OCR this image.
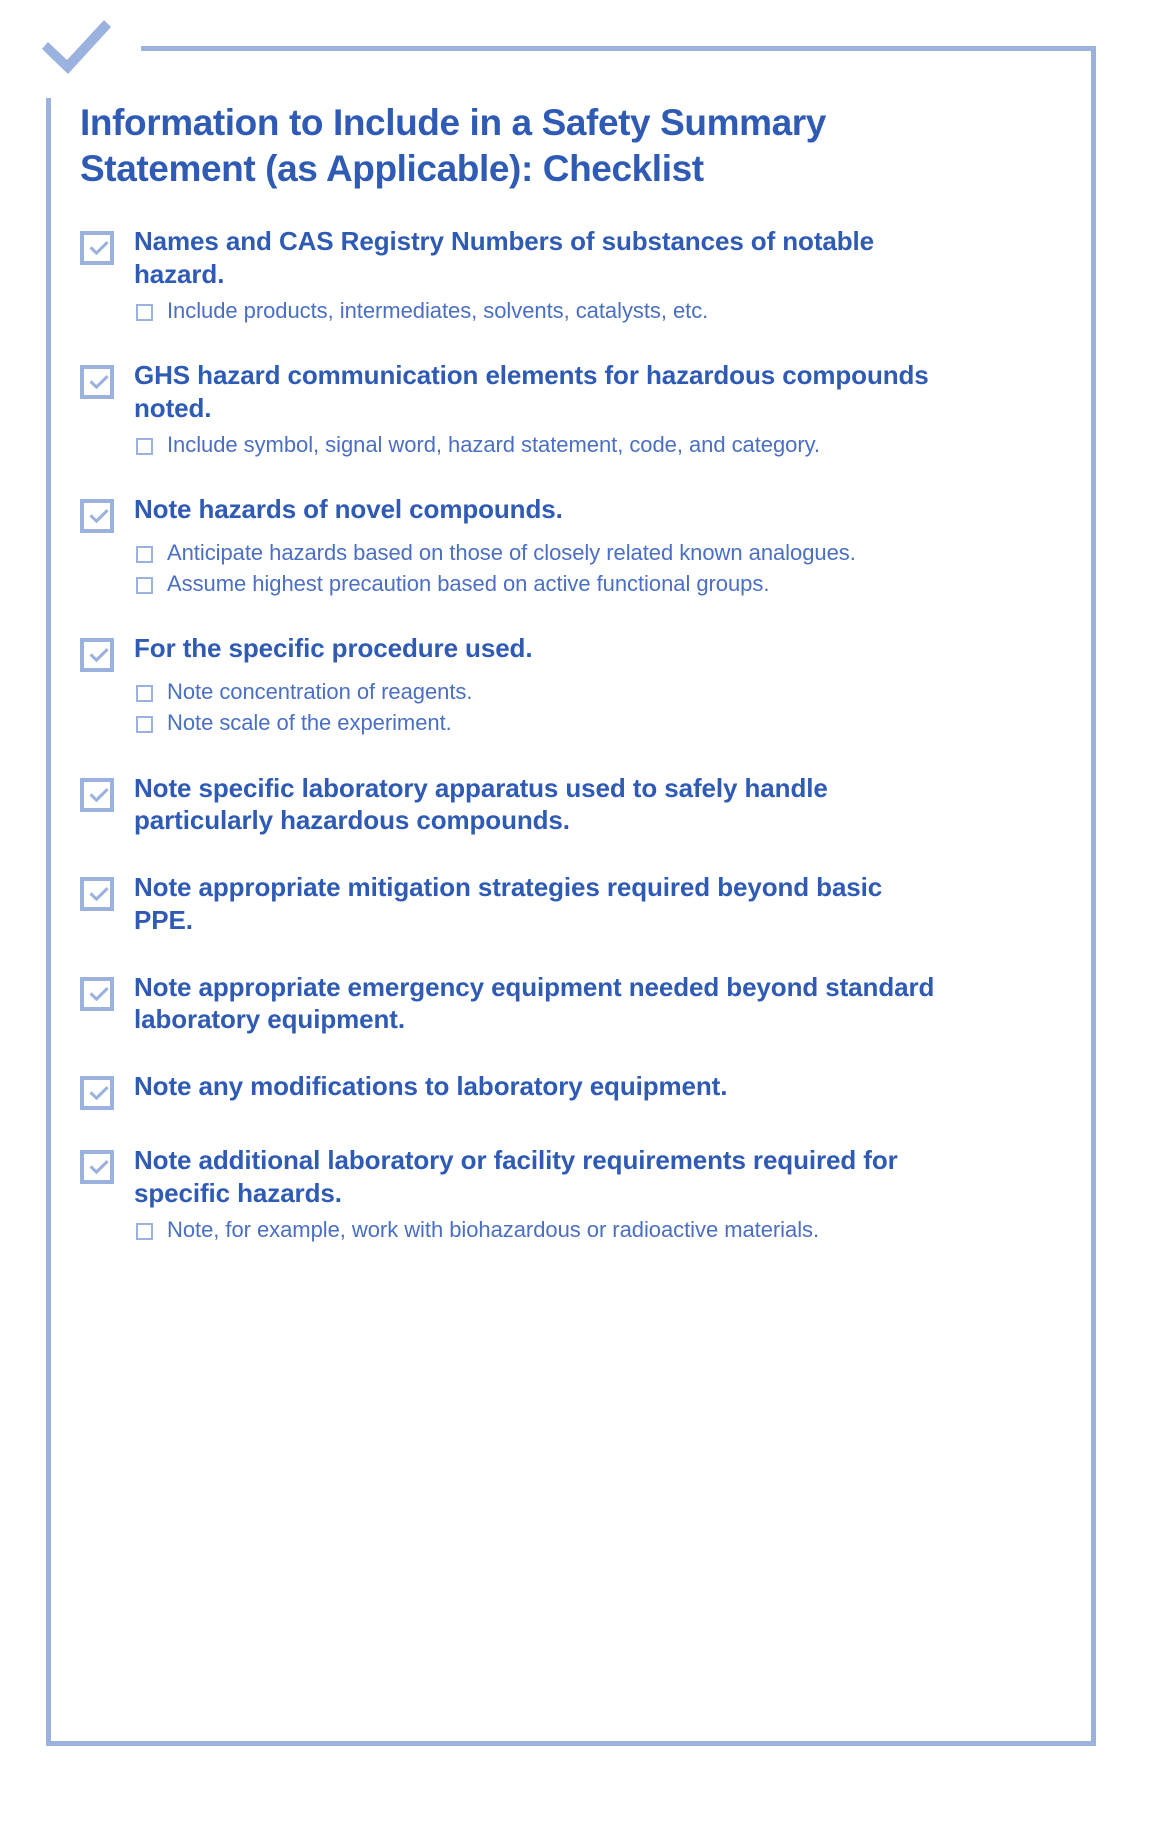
Information to Include in a Safety Summary
Statement (as Applicable): Checklist
Names and CAS Registry Numbers of substances of notable hazard.
Include products, intermediates, solvents, catalysts, etc.
GHS hazard communication elements for hazardous compounds noted.
Include symbol, signal word, hazard statement, code, and category.
Note hazards of novel compounds.
Anticipate hazards based on those of closely related known analogues.
Assume highest precaution based on active functional groups.
For the specific procedure used.
Note concentration of reagents.
Note scale of the experiment.
Note specific laboratory apparatus used to safely handle particularly hazardous compounds.
Note appropriate mitigation strategies required beyond basic PPE.
Note appropriate emergency equipment needed beyond standard laboratory equipment.
Note any modifications to laboratory equipment.
Note additional laboratory or facility requirements required for specific hazards.
Note, for example, work with biohazardous or radioactive materials.
